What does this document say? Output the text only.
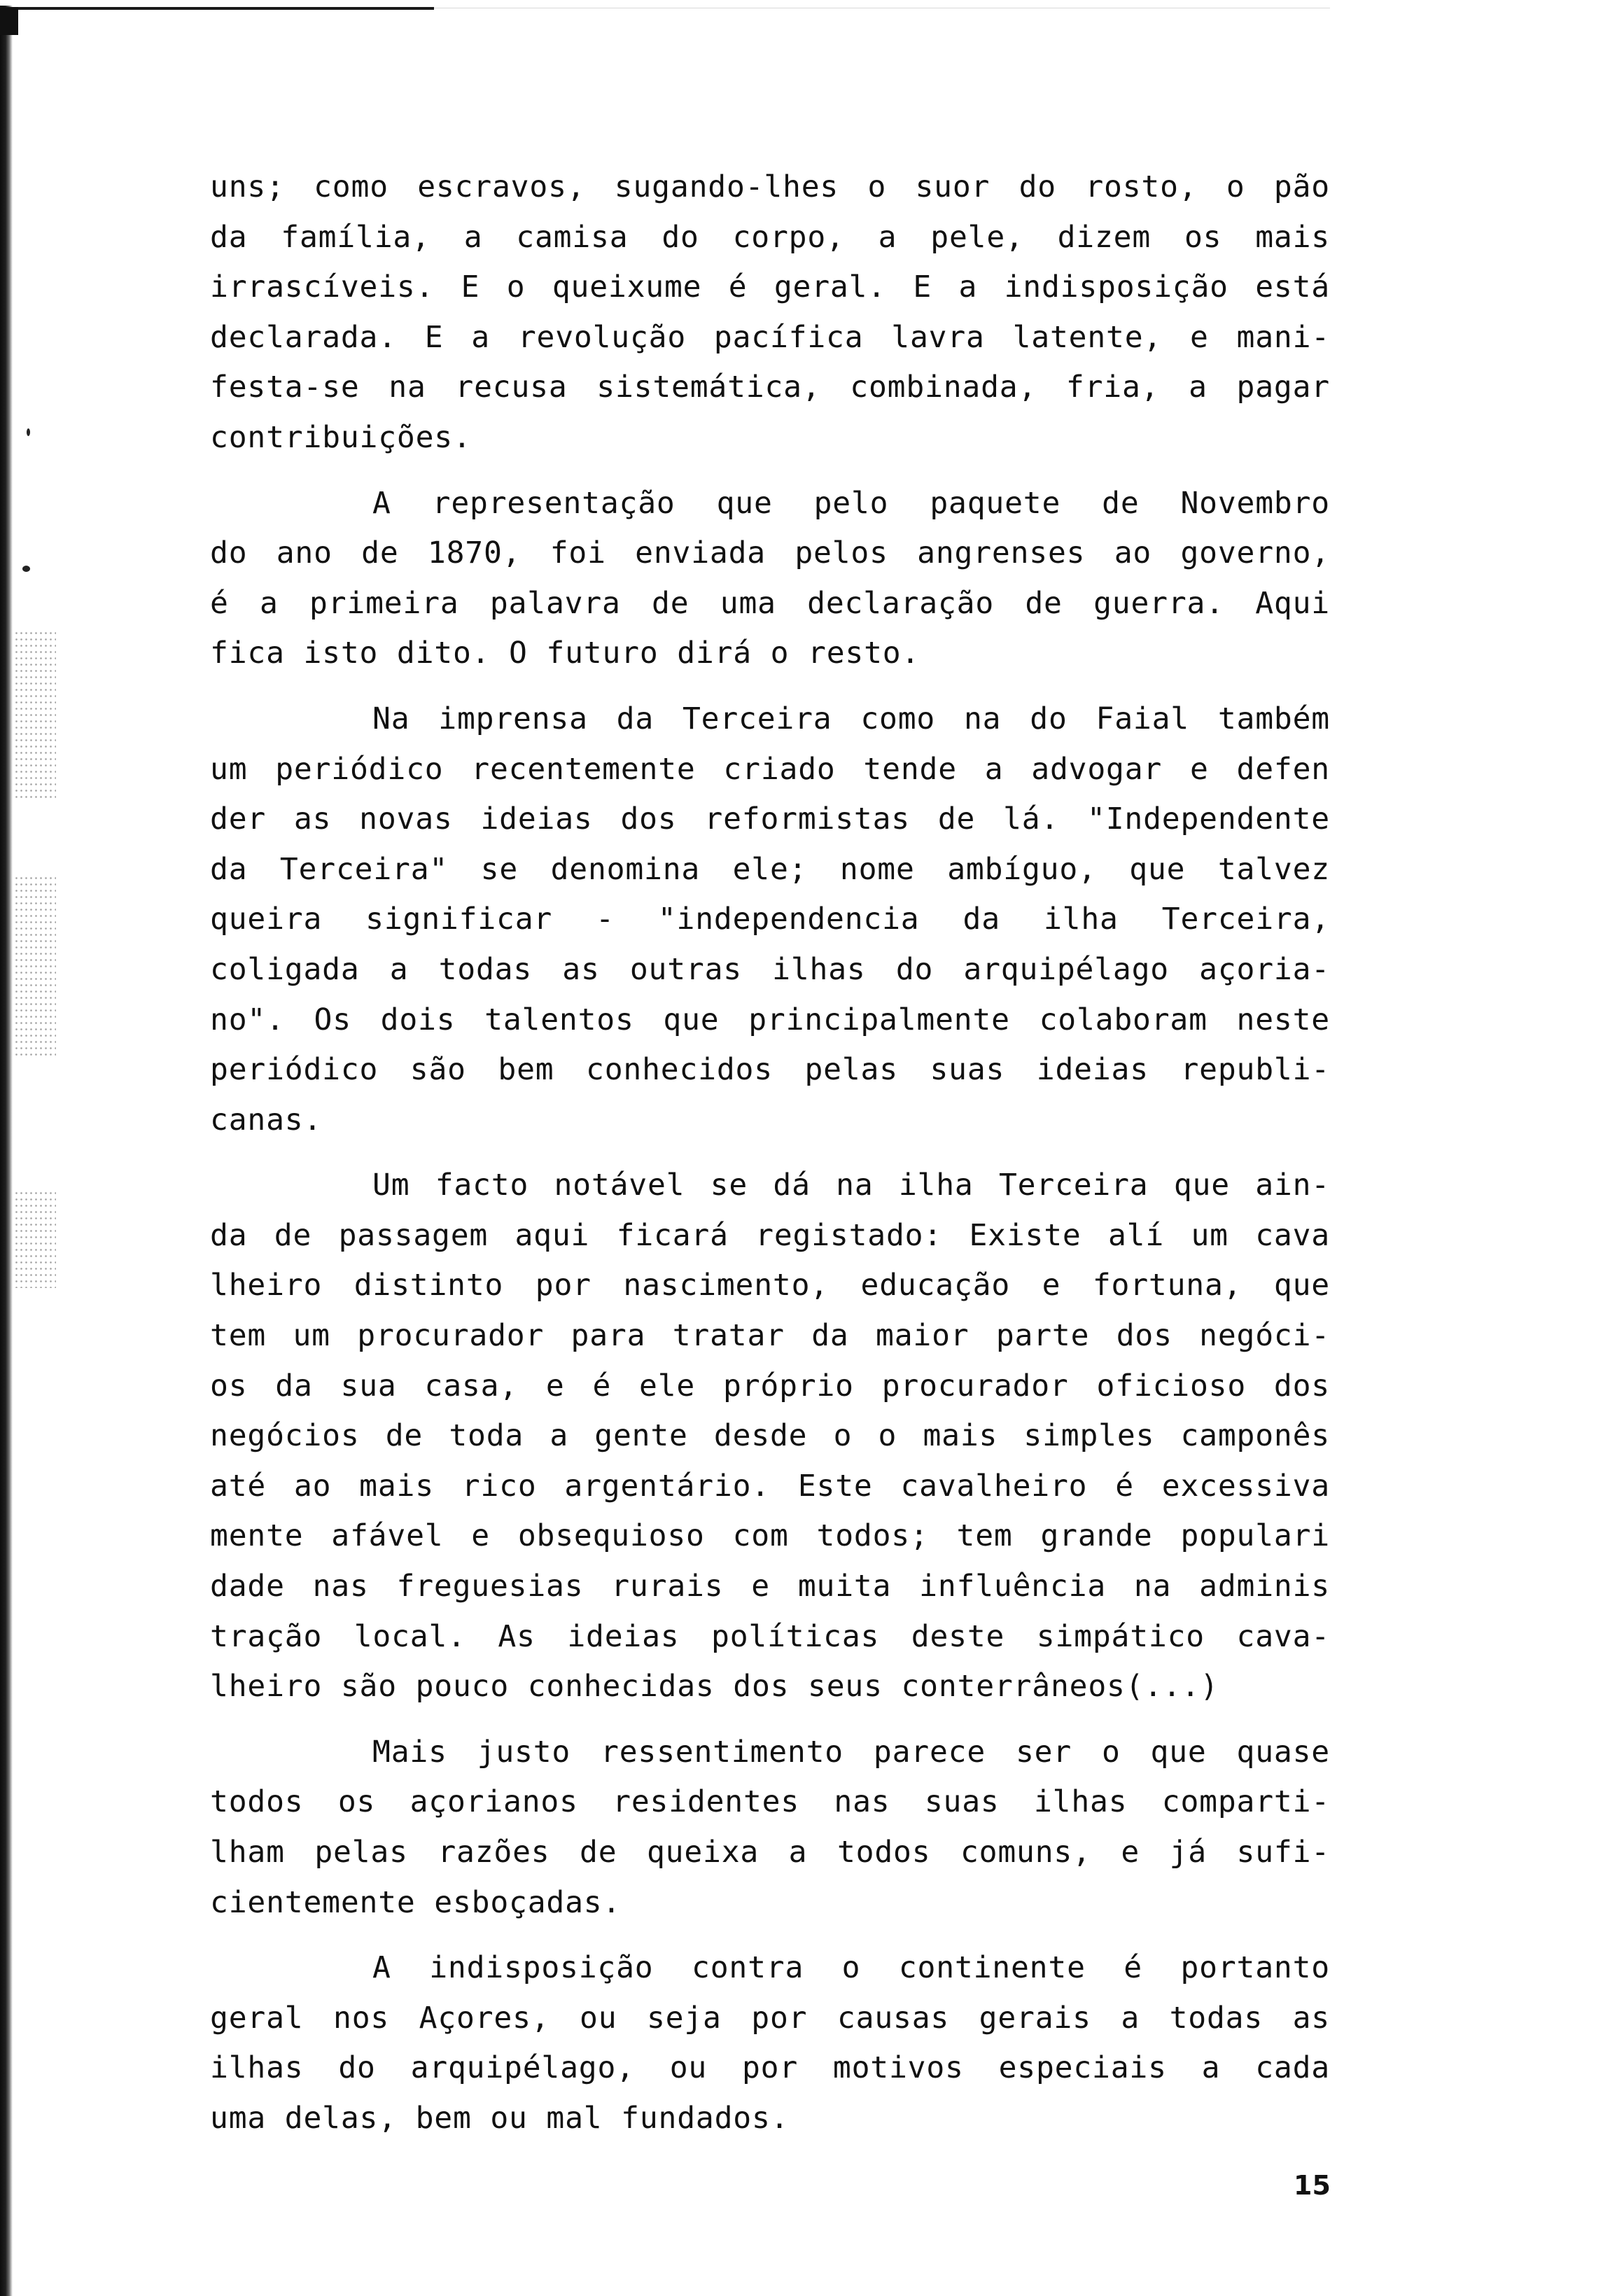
uns; como escravos, sugando-lhes o suor do rosto, o pão
da família, a camisa do corpo, a pele, dizem os mais
irrascíveis. E o queixume é geral. E a indisposição está
declarada. E a revolução pacífica lavra latente, e mani-
festa-se na recusa sistemática, combinada, fria, a pagar
contribuições.

A representação que pelo paquete de Novembro
do ano de 1870, foi enviada pelos angrenses ao governo,
é a primeira palavra de uma declaração de guerra. Aqui
fica isto dito. O futuro dirá o resto.

Na imprensa da Terceira como na do Faial também
um periódico recentemente criado tende a advogar e defen
der as novas ideias dos reformistas de lá. "Independente
da Terceira" se denomina ele; nome ambíguo, que talvez
queira significar - "independencia da ilha Terceira,
coligada a todas as outras ilhas do arquipélago açoria-
no". Os dois talentos que principalmente colaboram neste
periódico são bem conhecidos pelas suas ideias republi-
canas.

Um facto notável se dá na ilha Terceira que ain-
da de passagem aqui ficará registado: Existe alí um cava
lheiro distinto por nascimento, educação e fortuna, que
tem um procurador para tratar da maior parte dos negóci-
os da sua casa, e é ele próprio procurador oficioso dos
negócios de toda a gente desde o o mais simples camponês
até ao mais rico argentário. Este cavalheiro é excessiva
mente afável e obsequioso com todos; tem grande populari
dade nas freguesias rurais e muita influência na adminis
tração local. As ideias políticas deste simpático cava-
lheiro são pouco conhecidas dos seus conterrâneos(...)

Mais justo ressentimento parece ser o que quase
todos os açorianos residentes nas suas ilhas comparti-
lham pelas razões de queixa a todos comuns, e já sufi-
cientemente esboçadas.

A indisposição contra o continente é portanto
geral nos Açores, ou seja por causas gerais a todas as
ilhas do arquipélago, ou por motivos especiais a cada
uma delas, bem ou mal fundados.

15
